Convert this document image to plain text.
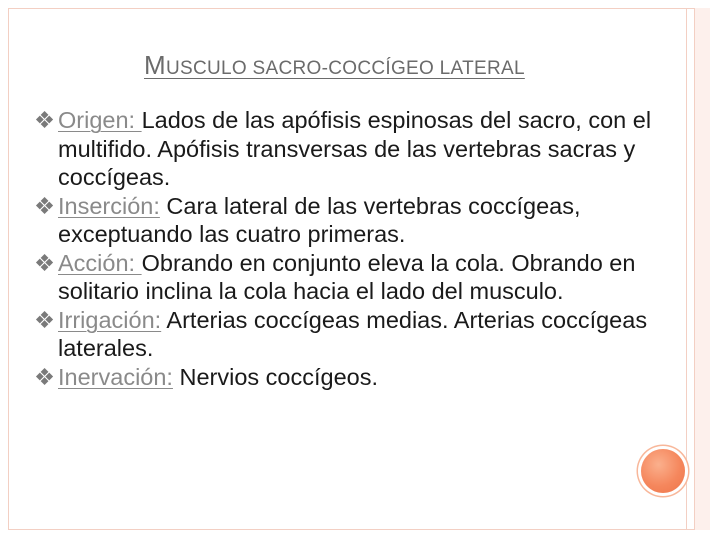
MUSCULO SACRO-COCCÍGEO LATERAL

❖ Origen: Lados de las apófisis espinosas del sacro, con el multifido. Apófisis transversas de las vertebras sacras y coccígeas.

❖ Inserción: Cara lateral de las vertebras coccígeas, exceptuando las cuatro primeras.

❖ Acción: Obrando en conjunto eleva la cola. Obrando en solitario inclina la cola hacia el lado del musculo.

❖ Irrigación: Arterias coccígeas medias. Arterias coccígeas laterales.

❖ Inervación: Nervios coccígeos.
